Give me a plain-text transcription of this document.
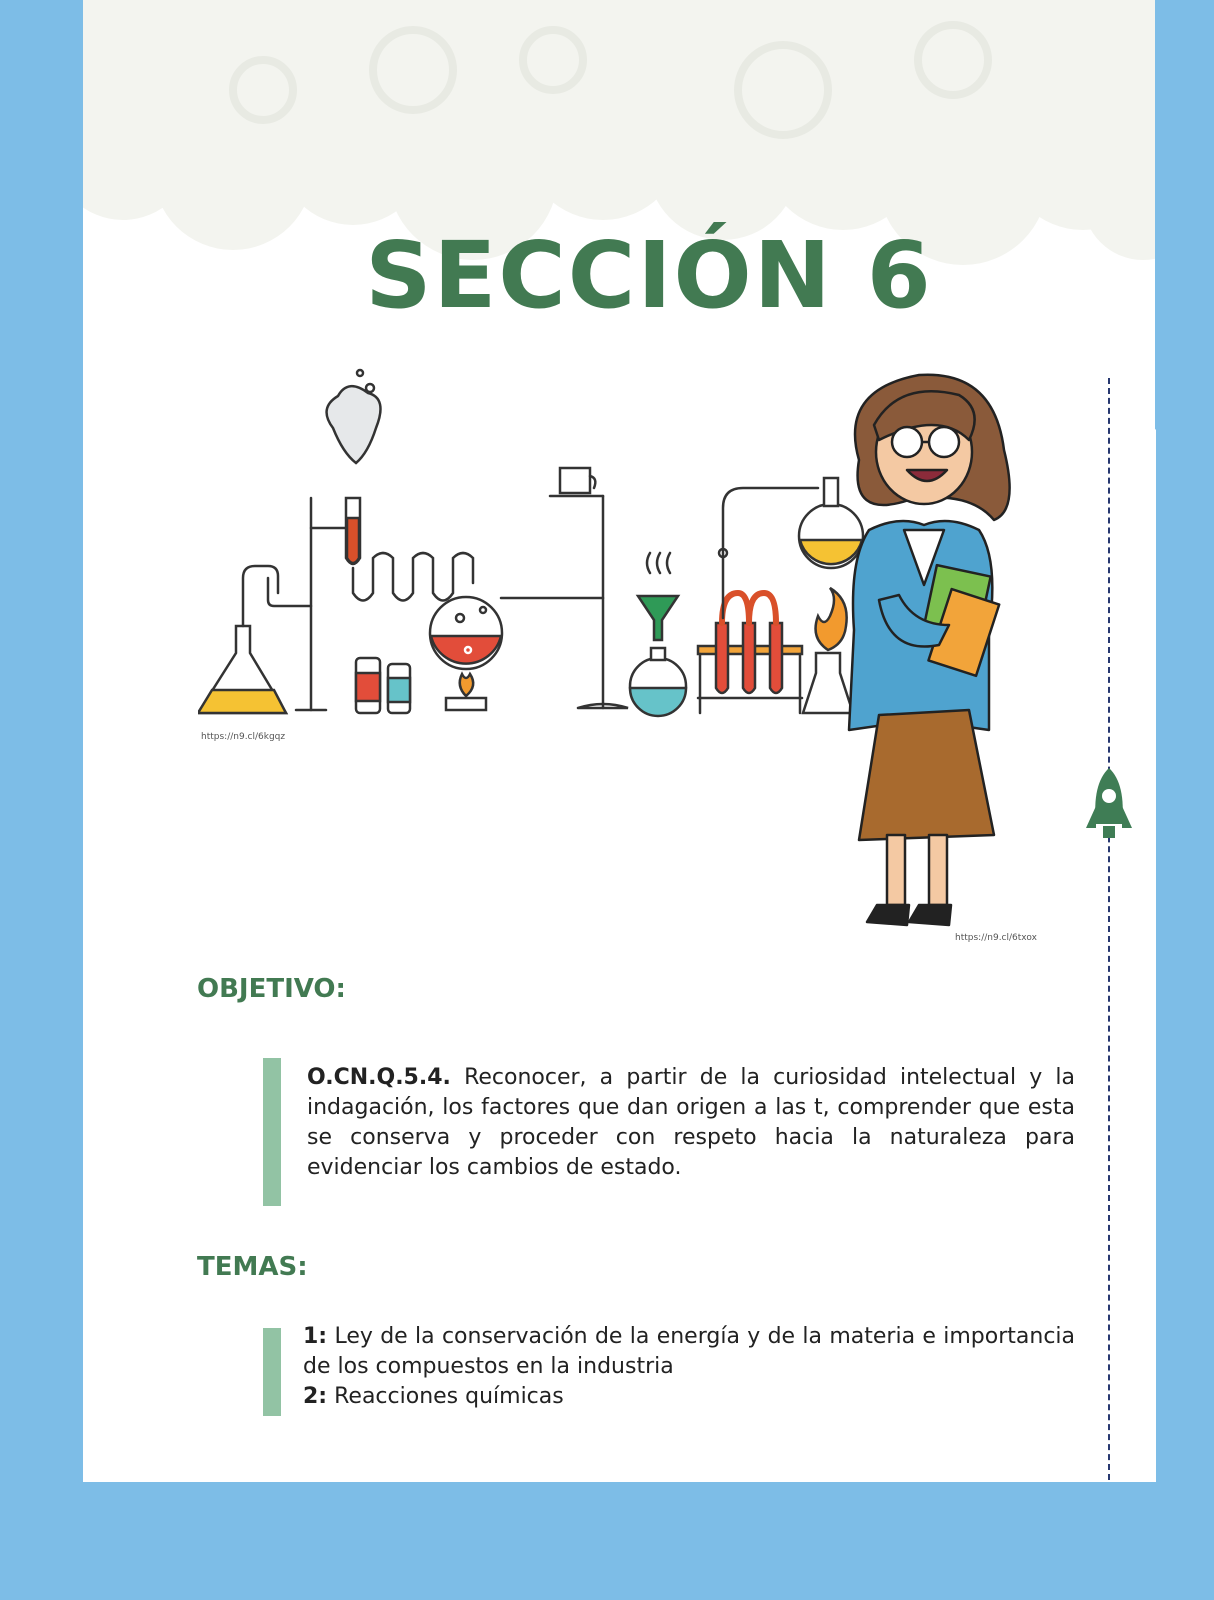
SECCIÓN 6
https://n9.cl/6kgqz
https://n9.cl/6txox
OBJETIVO:
O.CN.Q.5.4. Reconocer, a partir de la curiosidad intelectual y la indagación, los factores que dan origen a las t, comprender que esta se conserva y proceder con respeto hacia la naturaleza para evidenciar los cambios de estado.
TEMAS:
1: Ley de la conservación de la energía y de la materia e importancia de los compuestos en la industria
2: Reacciones químicas
